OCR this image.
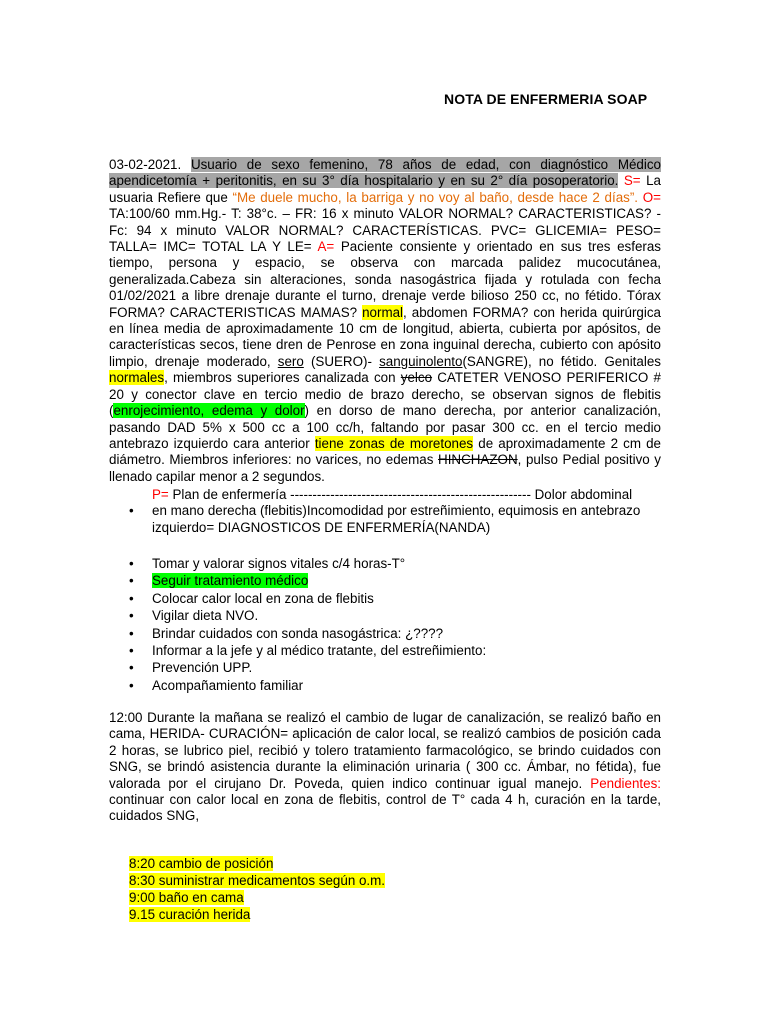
NOTA DE ENFERMERIA SOAP
03-02-2021. Usuario de sexo femenino, 78 años de edad, con diagnóstico Médico apendicetomía + peritonitis, en su 3° día hospitalario y en su 2° día posoperatorio. S= La usuaria Refiere que “Me duele mucho, la barriga y no voy al baño, desde hace 2 días”. O= TA:100/60 mm.Hg.- T: 38°c. – FR: 16 x minuto VALOR NORMAL? CARACTERISTICAS? - Fc: 94 x minuto VALOR NORMAL? CARACTERÍSTICAS. PVC= GLICEMIA= PESO= TALLA= IMC= TOTAL LA Y LE= A= Paciente consiente y orientado en sus tres esferas tiempo, persona y espacio, se observa con marcada palidez mucocutánea, generalizada.Cabeza sin alteraciones, sonda nasogástrica fijada y rotulada con fecha 01/02/2021 a libre drenaje durante el turno, drenaje verde bilioso 250 cc, no fétido. Tórax FORMA? CARACTERISTICAS MAMAS? normal, abdomen FORMA? con herida quirúrgica en línea media de aproximadamente 10 cm de longitud, abierta, cubierta por apósitos, de características secos, tiene dren de Penrose en zona inguinal derecha, cubierto con apósito limpio, drenaje moderado, sero (SUERO)- sanguinolento(SANGRE), no fétido. Genitales normales, miembros superiores canalizada con yelco CATETER VENOSO PERIFERICO # 20 y conector clave en tercio medio de brazo derecho, se observan signos de flebitis (enrojecimiento, edema y dolor) en dorso de mano derecha, por anterior canalización, pasando DAD 5% x 500 cc a 100 cc/h, faltando por pasar 300 cc. en el tercio medio antebrazo izquierdo cara anterior tiene zonas de moretones de aproximadamente 2 cm de diámetro. Miembros inferiores: no varices, no edemas HINCHAZON, pulso Pedial positivo y llenado capilar menor a 2 segundos.
P= Plan de enfermería ------------------------------------------------------ Dolor abdominal
• en mano derecha (flebitis)Incomodidad por estreñimiento, equimosis en antebrazo izquierdo= DIAGNOSTICOS DE ENFERMERÍA(NANDA)
• Tomar y valorar signos vitales c/4 horas-T°
• Seguir tratamiento médico
• Colocar calor local en zona de flebitis
• Vigilar dieta NVO.
• Brindar cuidados con sonda nasogástrica: ¿????
• Informar a la jefe y al médico tratante, del estreñimiento:
• Prevención UPP.
• Acompañamiento familiar
12:00 Durante la mañana se realizó el cambio de lugar de canalización, se realizó baño en cama, HERIDA- CURACIÓN= aplicación de calor local, se realizó cambios de posición cada 2 horas, se lubrico piel, recibió y tolero tratamiento farmacológico, se brindo cuidados con SNG, se brindó asistencia durante la eliminación urinaria ( 300 cc. Ámbar, no fétida), fue valorada por el cirujano Dr. Poveda, quien indico continuar igual manejo. Pendientes: continuar con calor local en zona de flebitis, control de T° cada 4 h, curación en la tarde, cuidados SNG,
8:20 cambio de posición
8:30 suministrar medicamentos según o.m.
9:00 baño en cama
9.15 curación herida
